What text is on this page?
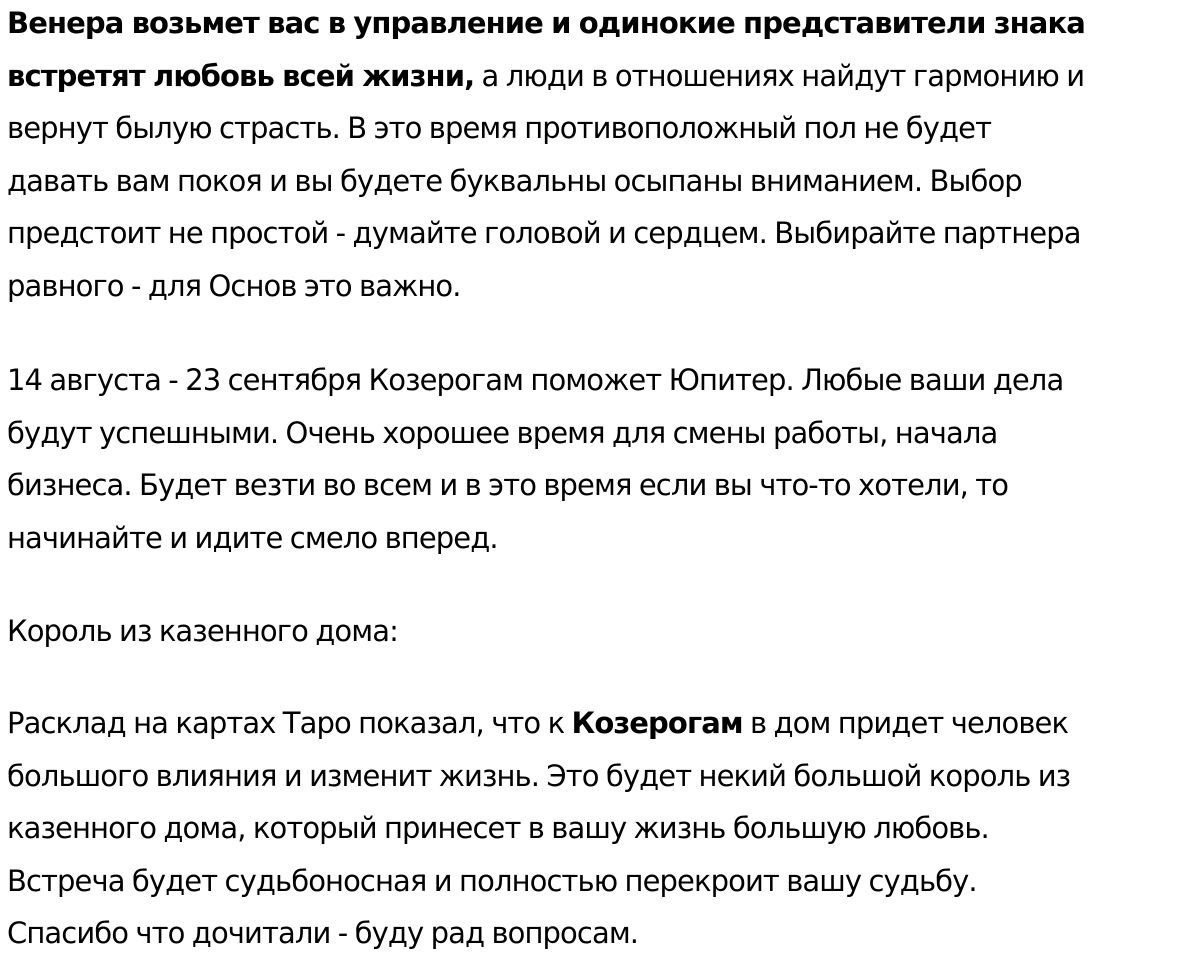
Венера возьмет вас в управление и одинокие представители знака
встретят любовь всей жизни, а люди в отношениях найдут гармонию и
вернут былую страсть. В это время противоположный пол не будет
давать вам покоя и вы будете буквальны осыпаны вниманием. Выбор
предстоит не простой - думайте головой и сердцем. Выбирайте партнера
равного - для Основ это важно.

14 августа - 23 сентября Козерогам поможет Юпитер. Любые ваши дела
будут успешными. Очень хорошее время для смены работы, начала
бизнеса. Будет везти во всем и в это время если вы что-то хотели, то
начинайте и идите смело вперед.

Король из казенного дома:

Расклад на картах Таро показал, что к Козерогам в дом придет человек
большого влияния и изменит жизнь. Это будет некий большой король из
казенного дома, который принесет в вашу жизнь большую любовь.
Встреча будет судьбоносная и полностью перекроит вашу судьбу.
Спасибо что дочитали - буду рад вопросам.
